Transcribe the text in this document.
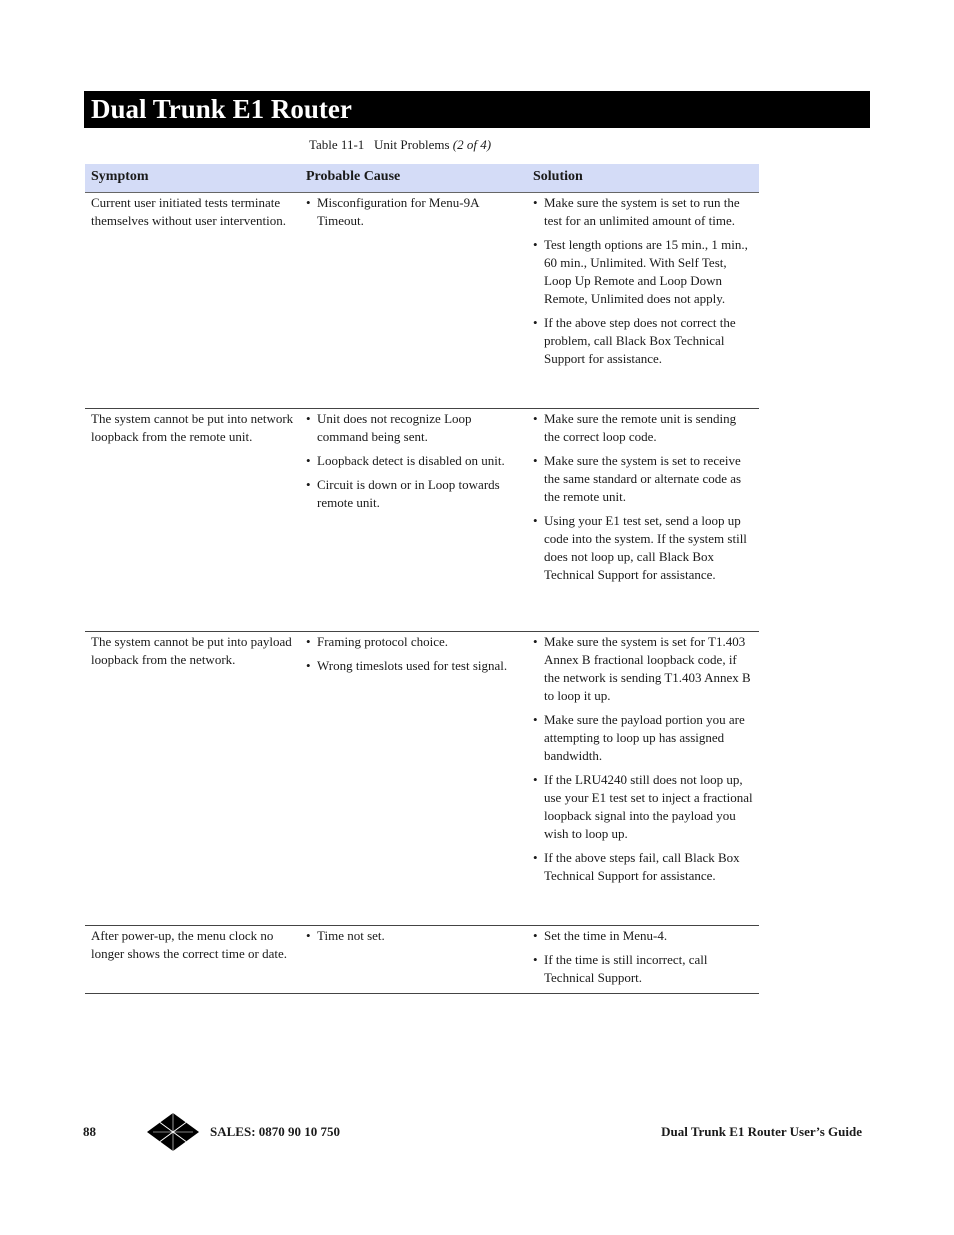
Dual Trunk E1 Router
Table 11-1 Unit Problems (2 of 4)
Symptom	Probable Cause	Solution
Current user initiated tests terminate themselves without user intervention.
• Misconfiguration for Menu-9A Timeout.
• Make sure the system is set to run the test for an unlimited amount of time.
• Test length options are 15 min., 1 min., 60 min., Unlimited. With Self Test, Loop Up Remote and Loop Down Remote, Unlimited does not apply.
• If the above step does not correct the problem, call Black Box Technical Support for assistance.
The system cannot be put into network loopback from the remote unit.
• Unit does not recognize Loop command being sent.
• Loopback detect is disabled on unit.
• Circuit is down or in Loop towards remote unit.
• Make sure the remote unit is sending the correct loop code.
• Make sure the system is set to receive the same standard or alternate code as the remote unit.
• Using your E1 test set, send a loop up code into the system. If the system still does not loop up, call Black Box Technical Support for assistance.
The system cannot be put into payload loopback from the network.
• Framing protocol choice.
• Wrong timeslots used for test signal.
• Make sure the system is set for T1.403 Annex B fractional loopback code, if the network is sending T1.403 Annex B to loop it up.
• Make sure the payload portion you are attempting to loop up has assigned bandwidth.
• If the LRU4240 still does not loop up, use your E1 test set to inject a fractional loopback signal into the payload you wish to loop up.
• If the above steps fail, call Black Box Technical Support for assistance.
After power-up, the menu clock no longer shows the correct time or date.
• Time not set.
•	Set the time in Menu-4.
• If the time is still incorrect, call Technical Support.
88	SALES: 0870 90 10 750	Dual Trunk E1 Router User’s Guide
